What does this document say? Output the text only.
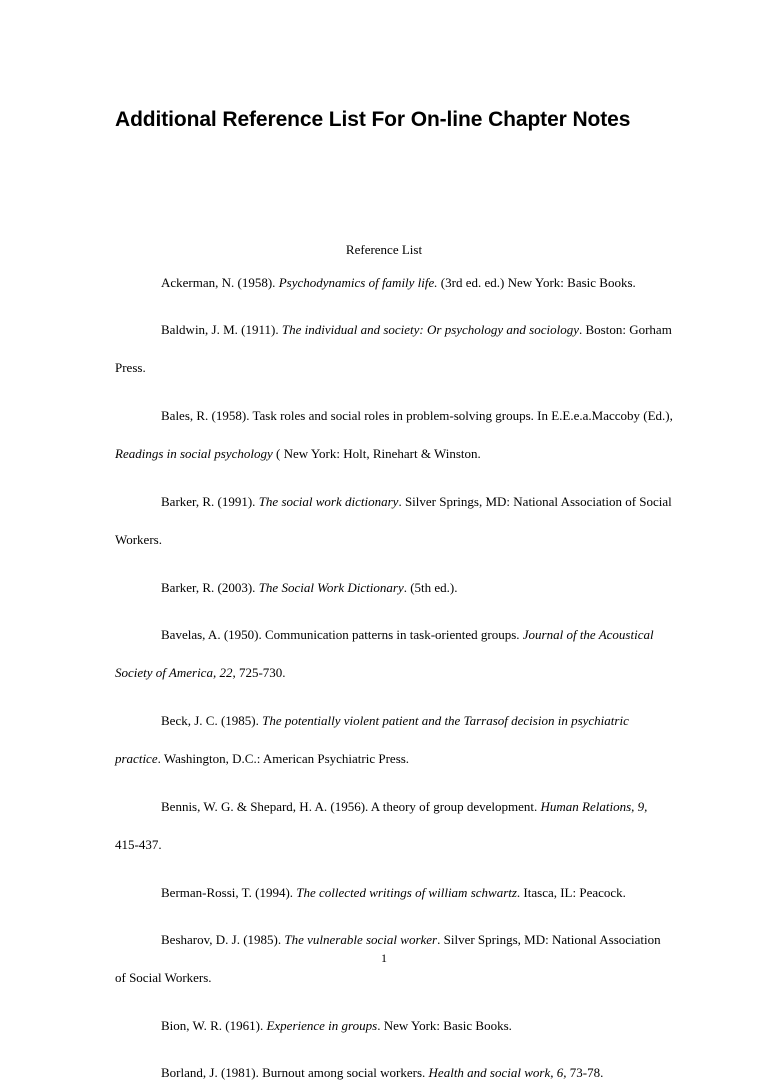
Additional Reference List For On-line Chapter Notes

Reference List

Ackerman, N. (1958). Psychodynamics of family life. (3rd ed. ed.) New York: Basic Books.

Baldwin, J. M. (1911). The individual and society: Or psychology and sociology. Boston: Gorham
Press.

Bales, R. (1958). Task roles and social roles in problem-solving groups. In E.E.e.a.Maccoby (Ed.),
Readings in social psychology ( New York: Holt, Rinehart & Winston.

Barker, R. (1991). The social work dictionary. Silver Springs, MD: National Association of Social
Workers.

Barker, R. (2003). The Social Work Dictionary. (5th ed.).

Bavelas, A. (1950). Communication patterns in task-oriented groups. Journal of the Acoustical
Society of America, 22, 725-730.

Beck, J. C. (1985). The potentially violent patient and the Tarrasof decision in psychiatric
practice. Washington, D.C.: American Psychiatric Press.

Bennis, W. G. & Shepard, H. A. (1956). A theory of group development. Human Relations, 9,
415-437.

Berman-Rossi, T. (1994). The collected writings of william schwartz. Itasca, IL: Peacock.

Besharov, D. J. (1985). The vulnerable social worker. Silver Springs, MD: National Association
of Social Workers.

Bion, W. R. (1961). Experience in groups. New York: Basic Books.

Borland, J. (1981). Burnout among social workers. Health and social work, 6, 73-78.

1
